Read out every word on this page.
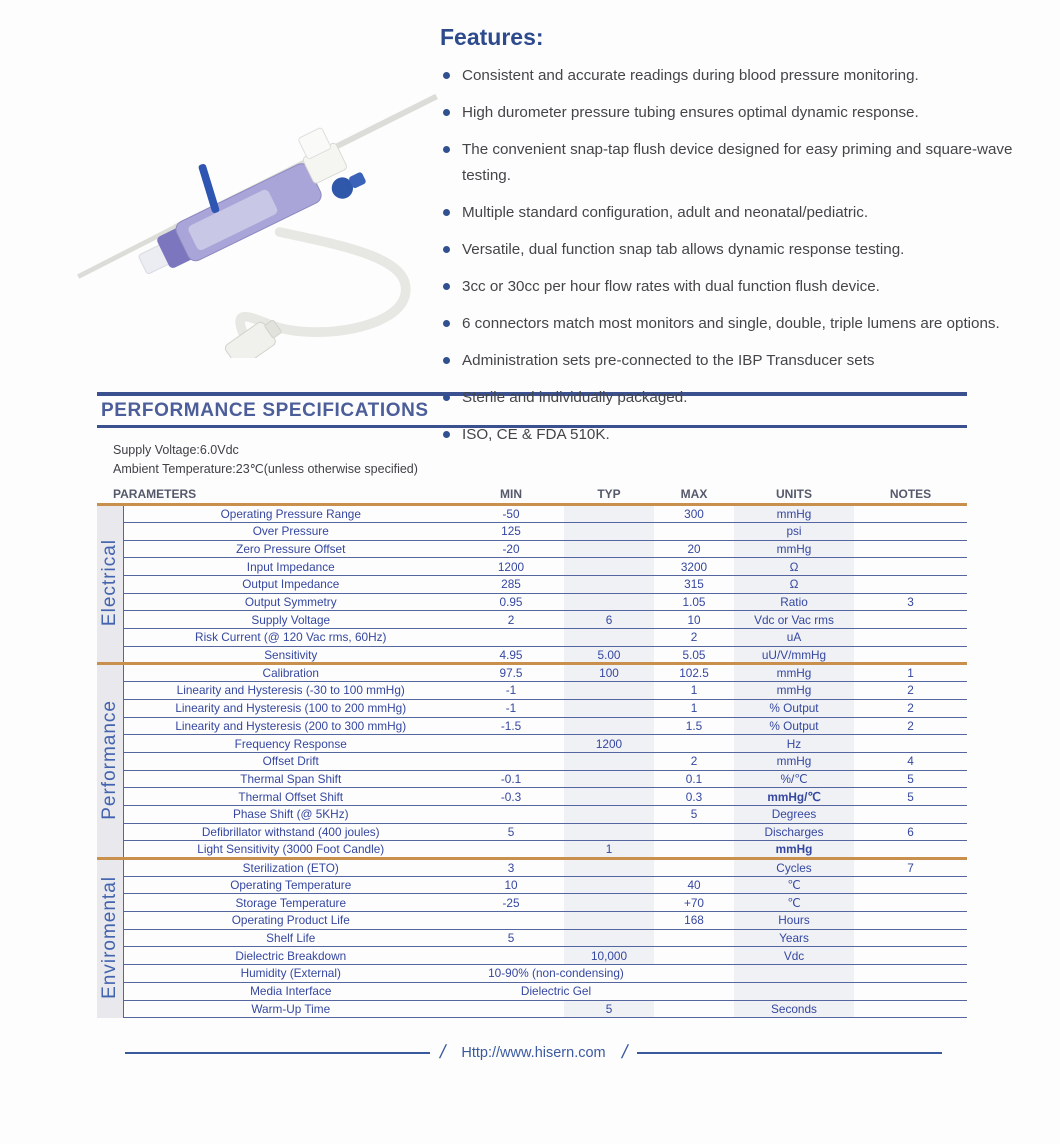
Features:
Consistent and accurate readings during blood pressure monitoring.
High durometer pressure tubing ensures optimal dynamic response.
The convenient snap-tap flush device designed for easy priming and square-wave testing.
Multiple standard configuration, adult and neonatal/pediatric.
Versatile, dual function snap tab allows dynamic response testing.
3cc or 30cc per hour flow rates with dual function flush device.
6 connectors match most monitors and single, double, triple lumens are options.
Administration sets pre-connected to the IBP Transducer sets
Sterile and individually packaged.
ISO, CE & FDA 510K.
PERFORMANCE SPECIFICATIONS
Supply Voltage:6.0Vdc
Ambient Temperature:23℃(unless otherwise specified)
PARAMETERS		MIN	TYP	MAX	UNITS	NOTES
Electrical	Operating Pressure Range	-50		300	mmHg	
	Over Pressure	125			psi	
	Zero Pressure Offset	-20		20	mmHg	
	Input Impedance	1200		3200	Ω	
	Output Impedance	285		315	Ω	
	Output Symmetry	0.95		1.05	Ratio	3
	Supply Voltage	2	6	10	Vdc or Vac rms	
	Risk Current (@ 120 Vac rms, 60Hz)			2	uA	
	Sensitivity	4.95	5.00	5.05	uU/V/mmHg	
Performance	Calibration	97.5	100	102.5	mmHg	1
	Linearity and Hysteresis (-30 to 100 mmHg)	-1		1	mmHg	2
	Linearity and Hysteresis (100 to 200 mmHg)	-1		1	% Output	2
	Linearity and Hysteresis (200 to 300 mmHg)	-1.5		1.5	% Output	2
	Frequency Response		1200		Hz	
	Offset Drift			2	mmHg	4
	Thermal Span Shift	-0.1		0.1	%/℃	5
	Thermal Offset Shift	-0.3		0.3	mmHg/℃	5
	Phase Shift (@ 5KHz)			5	Degrees	
	Defibrillator withstand (400 joules)	5			Discharges	6
	Light Sensitivity (3000 Foot Candle)		1		mmHg	
Enviromental	Sterilization (ETO)	3			Cycles	7
	Operating Temperature	10		40	℃	
	Storage Temperature	-25		+70	℃	
	Operating Product Life			168	Hours	
	Shelf Life	5			Years	
	Dielectric Breakdown		10,000		Vdc	
	Humidity (External)	10-90% (non-condensing)				
	Media Interface	Dielectric Gel				
	Warm-Up Time		5		Seconds	
/ Http://www.hisern.com /
